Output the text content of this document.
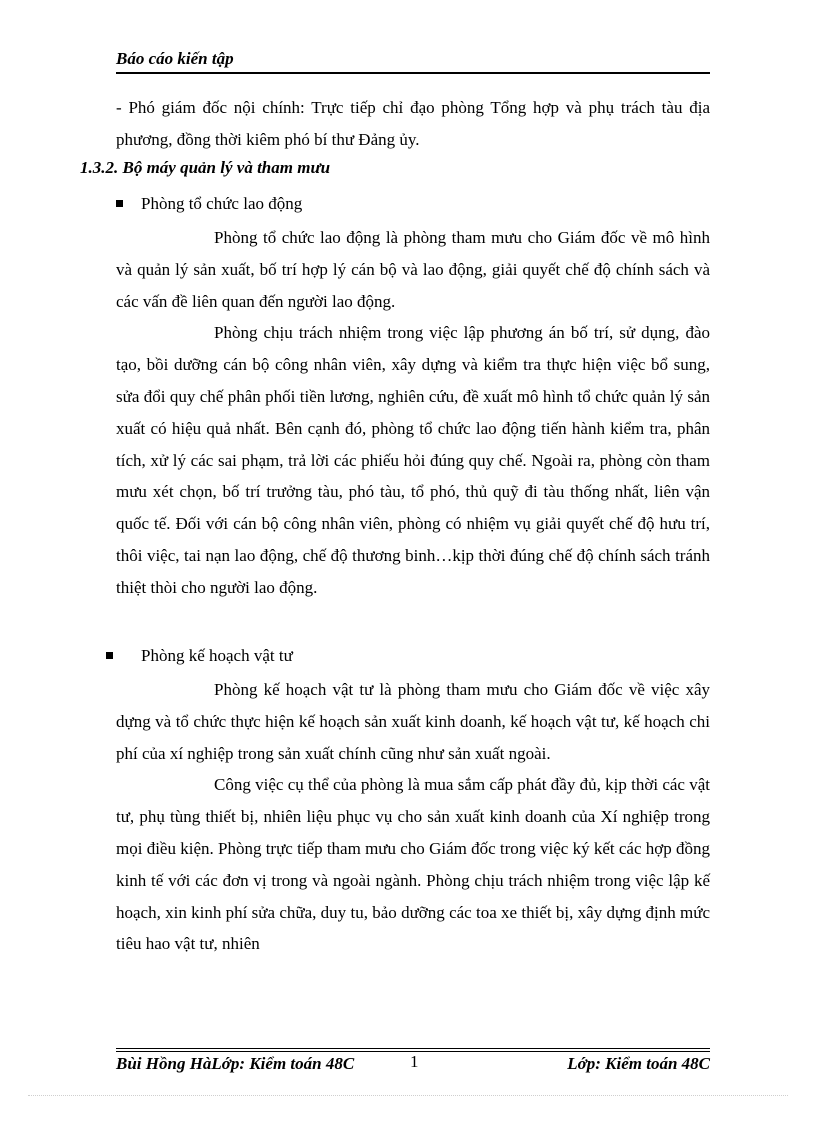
Báo cáo kiến tập

- Phó giám đốc nội chính: Trực tiếp chỉ đạo phòng Tổng hợp và phụ trách tàu địa phương, đồng thời kiêm phó bí thư Đảng ủy.

1.3.2. Bộ máy quản lý và tham mưu
Phòng tổ chức lao động

Phòng tổ chức lao động là phòng tham mưu cho Giám đốc về mô hình và quản lý sản xuất, bố trí hợp lý cán bộ và lao động, giải quyết chế độ chính sách và các vấn đề liên quan đến người lao động.

Phòng chịu trách nhiệm trong việc lập phương án bố trí, sử dụng, đào tạo, bồi dưỡng cán bộ công nhân viên, xây dựng và kiểm tra thực hiện việc bổ sung, sửa đổi quy chế phân phối tiền lương, nghiên cứu, đề xuất mô hình tổ chức quản lý sản xuất có hiệu quả nhất. Bên cạnh đó, phòng tổ chức lao động tiến hành kiểm tra, phân tích, xử lý các sai phạm, trả lời các phiếu hỏi đúng quy chế. Ngoài ra, phòng còn tham mưu xét chọn, bố trí trưởng tàu, phó tàu, tổ phó, thủ quỹ đi tàu thống nhất, liên vận quốc tế. Đối với cán bộ công nhân viên, phòng có nhiệm vụ giải quyết chế độ hưu trí, thôi việc, tai nạn lao động, chế độ thương binh…kịp thời đúng chế độ chính sách tránh thiệt thòi cho người lao động.

Phòng kế hoạch vật tư

Phòng kế hoạch vật tư là phòng tham mưu cho Giám đốc về việc xây dựng và tổ chức thực hiện kế hoạch sản xuất kinh doanh, kế hoạch vật tư, kế hoạch chi phí của xí nghiệp trong sản xuất chính cũng như sản xuất ngoài.

Công việc cụ thể của phòng là mua sắm cấp phát đầy đủ, kịp thời các vật tư, phụ tùng thiết bị, nhiên liệu phục vụ cho sản xuất kinh doanh của Xí nghiệp trong mọi điều kiện. Phòng trực tiếp tham mưu cho Giám đốc trong việc ký kết các hợp đồng kinh tế với các đơn vị trong và ngoài ngành. Phòng chịu trách nhiệm trong việc lập kế hoạch, xin kinh phí sửa chữa, duy tu, bảo dưỡng các toa xe thiết bị, xây dựng định mức tiêu hao vật tư, nhiên

Bùi Hồng HàLớp: Kiểm toán 48C	1	Lớp: Kiểm toán 48C
